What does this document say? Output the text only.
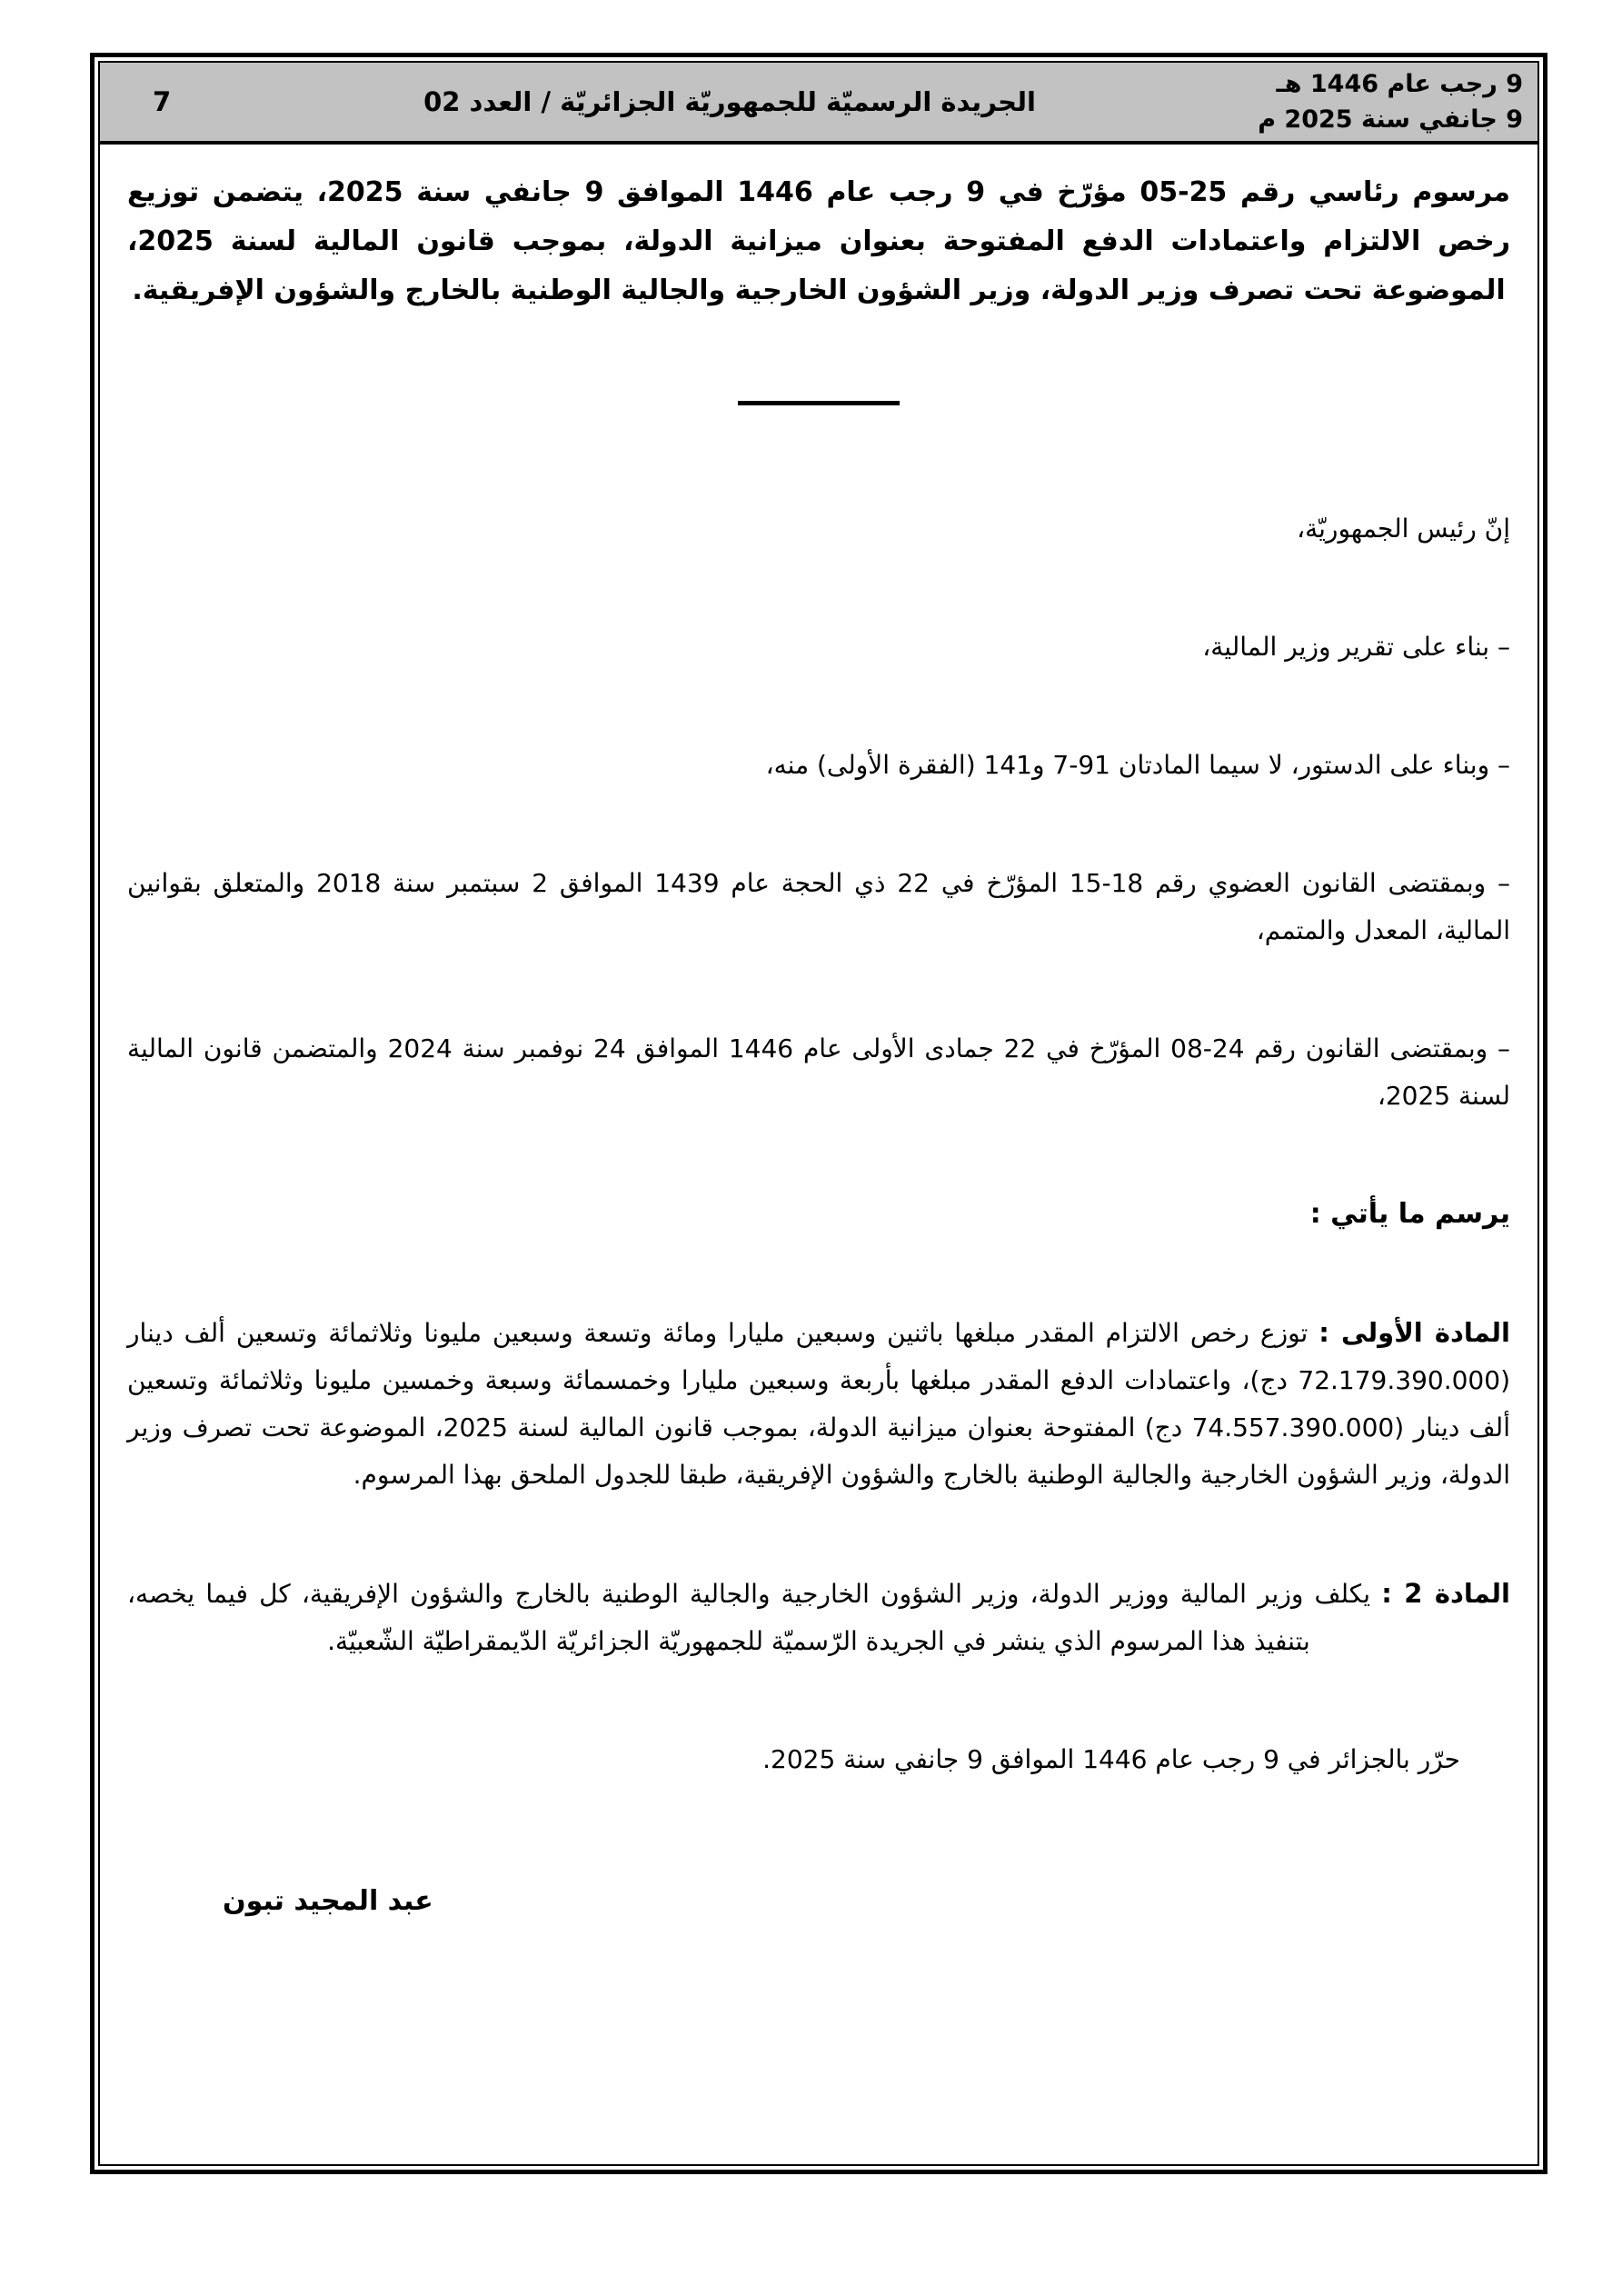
9 رجب عام 1446 هـ
9 جانفي سنة 2025 م
الجريدة الرسميّة للجمهوريّة الجزائريّة / العدد 02
7

مرسوم رئاسي رقم 25-05 مؤرّخ في 9 رجب عام 1446 الموافق 9 جانفي سنة 2025، يتضمن توزيع رخص الالتزام واعتمادات الدفع المفتوحة بعنوان ميزانية الدولة، بموجب قانون المالية لسنة 2025، الموضوعة تحت تصرف وزير الدولة، وزير الشؤون الخارجية والجالية الوطنية بالخارج والشؤون الإفريقية.

إنّ رئيس الجمهوريّة،

– بناء على تقرير وزير المالية،

– وبناء على الدستور، لا سيما المادتان 91-7 و141 (الفقرة الأولى) منه،

– وبمقتضى القانون العضوي رقم 18-15 المؤرّخ في 22 ذي الحجة عام 1439 الموافق 2 سبتمبر سنة 2018 والمتعلق بقوانين المالية، المعدل والمتمم،

– وبمقتضى القانون رقم 24-08 المؤرّخ في 22 جمادى الأولى عام 1446 الموافق 24 نوفمبر سنة 2024 والمتضمن قانون المالية لسنة 2025،

يرسم ما يأتي :

المادة الأولى : توزع رخص الالتزام المقدر مبلغها باثنين وسبعين مليارا ومائة وتسعة وسبعين مليونا وثلاثمائة وتسعين ألف دينار (72.179.390.000 دج)، واعتمادات الدفع المقدر مبلغها بأربعة وسبعين مليارا وخمسمائة وسبعة وخمسين مليونا وثلاثمائة وتسعين ألف دينار (74.557.390.000 دج) المفتوحة بعنوان ميزانية الدولة، بموجب قانون المالية لسنة 2025، الموضوعة تحت تصرف وزير الدولة، وزير الشؤون الخارجية والجالية الوطنية بالخارج والشؤون الإفريقية، طبقا للجدول الملحق بهذا المرسوم.

المادة 2 : يكلف وزير المالية ووزير الدولة، وزير الشؤون الخارجية والجالية الوطنية بالخارج والشؤون الإفريقية، كل فيما يخصه، بتنفيذ هذا المرسوم الذي ينشر في الجريدة الرّسميّة للجمهوريّة الجزائريّة الدّيمقراطيّة الشّعبيّة.

حرّر بالجزائر في 9 رجب عام 1446 الموافق 9 جانفي سنة 2025.

عبد المجيد تبون
